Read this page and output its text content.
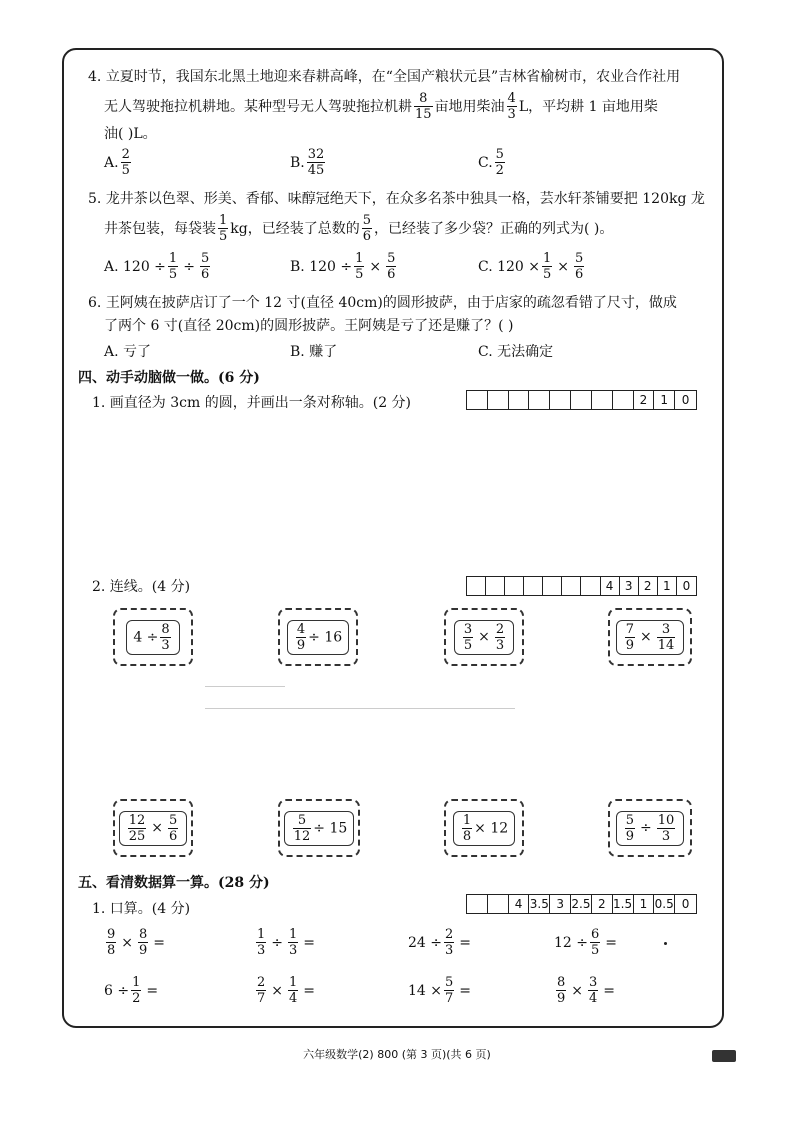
4. 立夏时节，我国东北黑土地迎来春耕高峰，在“全国产粮状元县”吉林省榆树市，农业合作社用
无人驾驶拖拉机耕地。某种型号无人驾驶拖拉机耕 $\frac{8}{15}$ 亩地用柴油 $\frac{4}{3}$ L，平均耕 1 亩地用柴
油( )L。
A. $\frac{2}{5}$	B. $\frac{32}{45}$	C. $\frac{5}{2}$
5. 龙井茶以色翠、形美、香郁、味醇冠绝天下，在众多名茶中独具一格，芸水轩茶铺要把 120kg 龙
井茶包装，每袋装 $\frac{1}{5}$ kg，已经装了总数的 $\frac{5}{6}$ ，已经装了多少袋？正确的列式为( )。
A. $120 \div \frac{1}{5} \div \frac{5}{6}$	B. $120 \div \frac{1}{5} \times \frac{5}{6}$	C. $120 \times \frac{1}{5} \times \frac{5}{6}$
6. 王阿姨在披萨店订了一个 12 寸(直径 40cm)的圆形披萨，由于店家的疏忽看错了尺寸，做成
了两个 6 寸(直径 20cm)的圆形披萨。王阿姨是亏了还是赚了？( )
A. 亏了	B. 赚了	C. 无法确定
四、动手动脑做一做。(6 分)
1. 画直径为 3cm 的圆，并画出一条对称轴。(2 分)	2	1	0
2. 连线。(4 分)	4 3 2 1 0
$4 \div \frac{8}{3}$	$\frac{4}{9} \div 16$	$\frac{3}{5} \times \frac{2}{3}$	$\frac{7}{9} \times \frac{3}{14}$
$\frac{12}{25} \times \frac{5}{6}$	$\frac{5}{12} \div 15$	$\frac{1}{8} \times 12$	$\frac{5}{9} \div \frac{10}{3}$
五、看清数据算一算。(28 分)
1. 口算。(4 分)	4 3.5 3 2.5 2 1.5 1 0.5 0
$\frac{9}{8} \times \frac{8}{9}$ =	$\frac{1}{3} \div \frac{1}{3}$ =	$24 \div \frac{2}{3}$ =	$12 \div \frac{6}{5}$ =
$6 \div \frac{1}{2}$ =	$\frac{2}{7} \times \frac{1}{4}$ =	$14 \times \frac{5}{7}$ =	$\frac{8}{9} \times \frac{3}{4}$ =
六年级数学(2) 800 (第 3 页)(共 6 页)
